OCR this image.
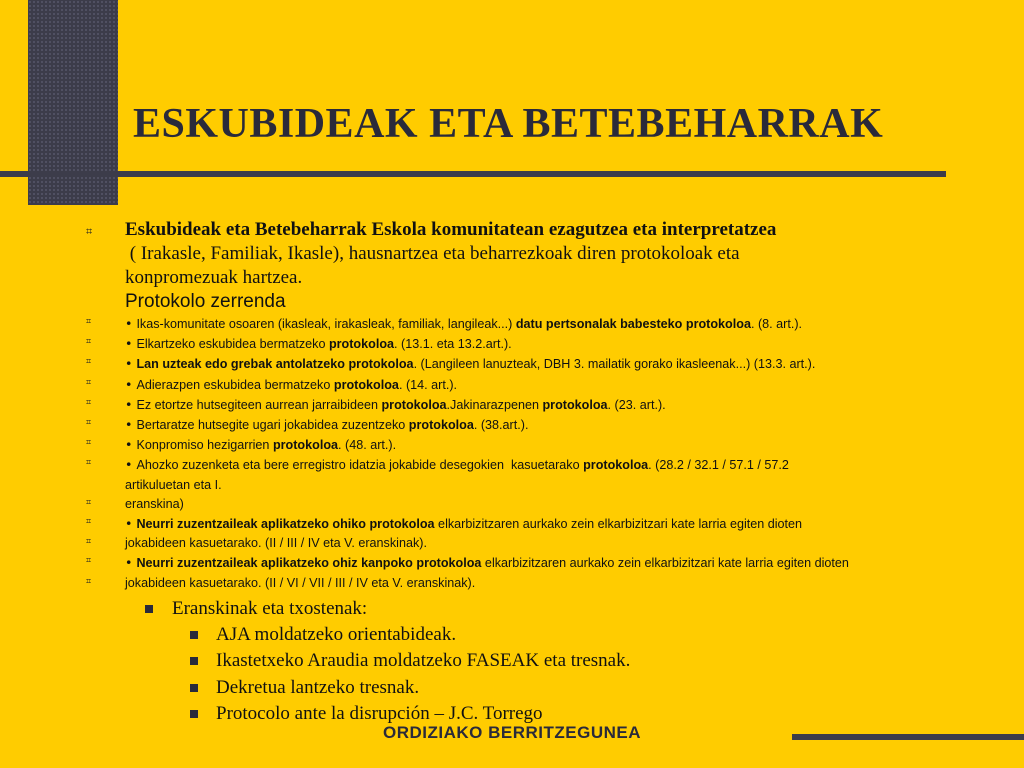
ESKUBIDEAK ETA BETEBEHARRAK
⌗ Eskubideak eta Betebeharrak Eskola komunitatean ezagutzea eta interpretatzea
( Irakasle, Familiak, Ikasle), hausnartzea eta beharrezkoak diren protokoloak eta
konpromezuak hartzea.
Protokolo zerrenda
⌗	• Ikas-komunitate osoaren (ikasleak, irakasleak, familiak, langileak...) datu pertsonalak babesteko protokoloa. (8. art.).
⌗	• Elkartzeko eskubidea bermatzeko protokoloa. (13.1. eta 13.2.art.).
⌗	• Lan uzteak edo grebak antolatzeko protokoloa. (Langileen lanuzteak, DBH 3. mailatik gorako ikasleenak...) (13.3. art.).
⌗	• Adierazpen eskubidea bermatzeko protokoloa. (14. art.).
⌗	• Ez etortze hutsegiteen aurrean jarraibideen protokoloa.Jakinarazpenen protokoloa. (23. art.).
⌗	• Bertaratze hutsegite ugari jokabidea zuzentzeko protokoloa. (38.art.).
⌗	• Konpromiso hezigarrien protokoloa. (48. art.).
⌗	• Ahozko zuzenketa eta bere erregistro idatzia jokabide desegokien  kasuetarako protokoloa. (28.2 / 32.1 / 57.1 / 57.2
artikuluetan eta I.
⌗	eranskina)
⌗	• Neurri zuzentzaileak aplikatzeko ohiko protokoloa elkarbizitzaren aurkako zein elkarbizitzari kate larria egiten dioten
⌗	jokabideen kasuetarako. (II / III / IV eta V. eranskinak).
⌗	• Neurri zuzentzaileak aplikatzeko ohiz kanpoko protokoloa elkarbizitzaren aurkako zein elkarbizitzari kate larria egiten dioten
⌗	jokabideen kasuetarako. (II / VI / VII / III / IV eta V. eranskinak).
Eranskinak eta txostenak:
AJA moldatzeko orientabideak.
Ikastetxeko Araudia moldatzeko FASEAK eta tresnak.
Dekretua lantzeko tresnak.
Protocolo ante la disrupción – J.C. Torrego
ORDIZIAKO BERRITZEGUNEA
